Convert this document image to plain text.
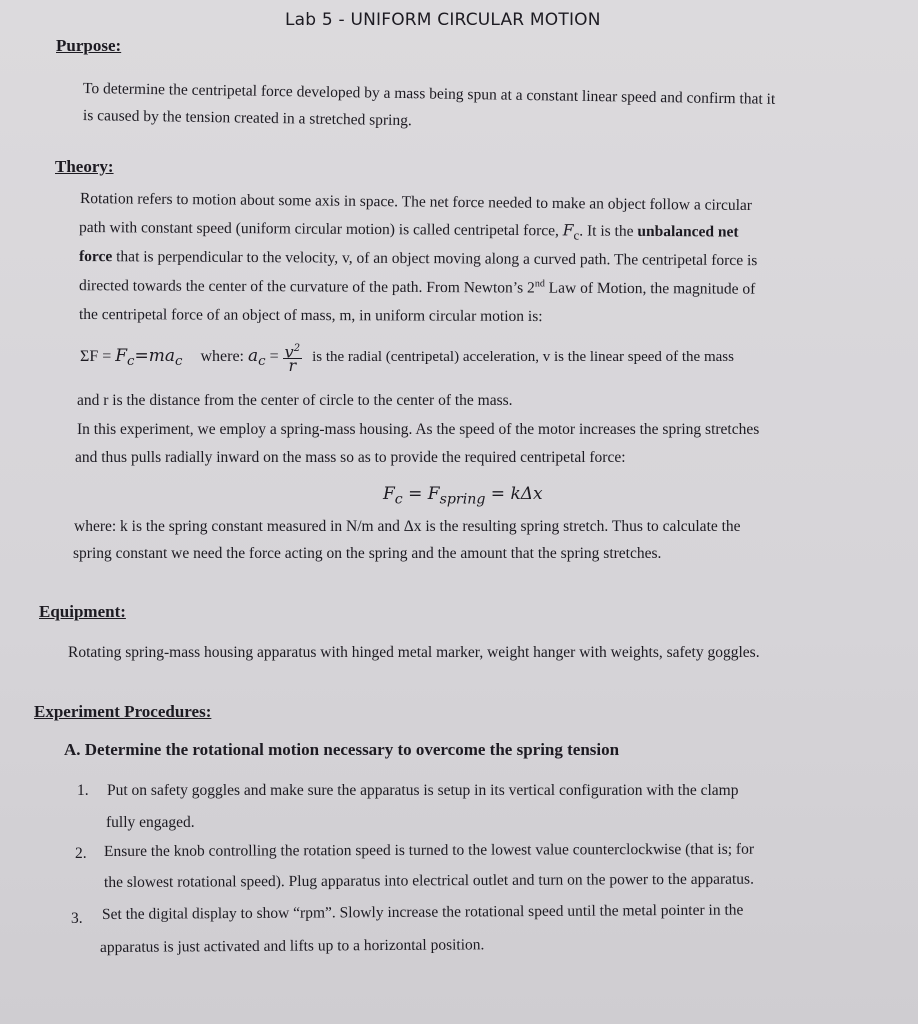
Lab 5 - UNIFORM CIRCULAR MOTION
Purpose:
To determine the centripetal force developed by a mass being spun at a constant linear speed and confirm that it
is caused by the tension created in a stretched spring.
Theory:
Rotation refers to motion about some axis in space. The net force needed to make an object follow a circular
path with constant speed (uniform circular motion) is called centripetal force, $F_c$. It is the unbalanced net
force that is perpendicular to the velocity, v, of an object moving along a curved path. The centripetal force is
directed towards the center of the curvature of the path. From Newton’s 2nd Law of Motion, the magnitude of
the centripetal force of an object of mass, m, in uniform circular motion is:
$\Sigma F = F_c=ma_c$ where: $a_c = \frac{v^2}{r}$ is the radial (centripetal) acceleration, v is the linear speed of the mass
and r is the distance from the center of circle to the center of the mass.
In this experiment, we employ a spring-mass housing. As the speed of the motor increases the spring stretches
and thus pulls radially inward on the mass so as to provide the required centripetal force:
$F_c = F_{spring} = k\Delta x$
where: k is the spring constant measured in N/m and Δx is the resulting spring stretch. Thus to calculate the
spring constant we need the force acting on the spring and the amount that the spring stretches.
Equipment:
Rotating spring-mass housing apparatus with hinged metal marker, weight hanger with weights, safety goggles.
Experiment Procedures:
A. Determine the rotational motion necessary to overcome the spring tension
1. Put on safety goggles and make sure the apparatus is setup in its vertical configuration with the clamp
fully engaged.
2. Ensure the knob controlling the rotation speed is turned to the lowest value counterclockwise (that is; for
the slowest rotational speed). Plug apparatus into electrical outlet and turn on the power to the apparatus.
3. Set the digital display to show “rpm”. Slowly increase the rotational speed until the metal pointer in the
apparatus is just activated and lifts up to a horizontal position.
